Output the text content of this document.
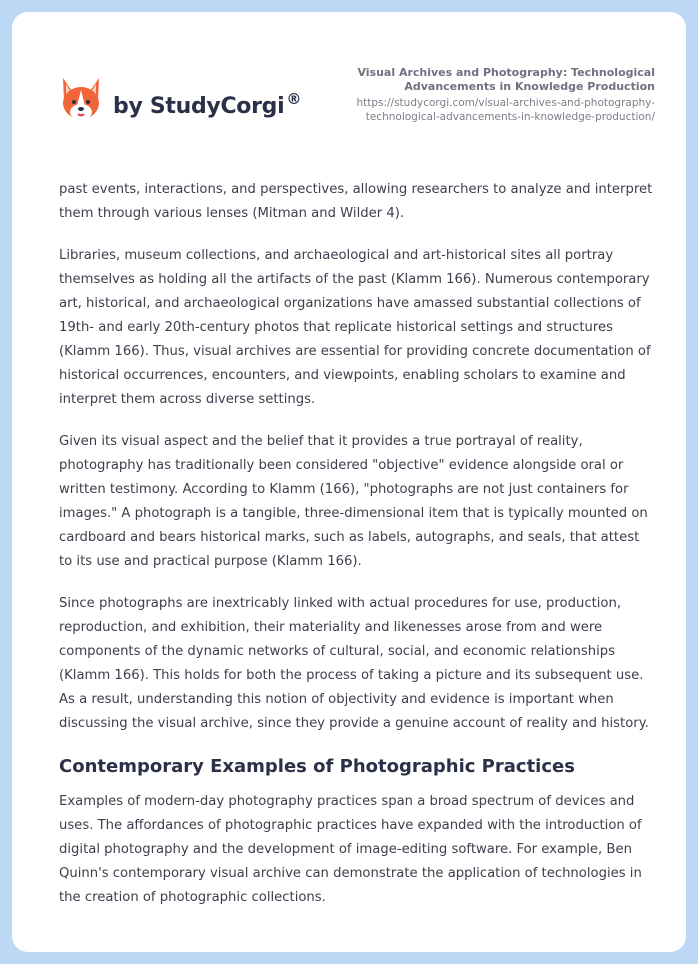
by StudyCorgi ®
Visual Archives and Photography: Technological
Advancements in Knowledge Production
https://studycorgi.com/visual-archives-and-photography-
technological-advancements-in-knowledge-production/

past events, interactions, and perspectives, allowing researchers to analyze and interpret them through various lenses (Mitman and Wilder 4).

Libraries, museum collections, and archaeological and art-historical sites all portray themselves as holding all the artifacts of the past (Klamm 166). Numerous contemporary art, historical, and archaeological organizations have amassed substantial collections of 19th- and early 20th-century photos that replicate historical settings and structures (Klamm 166). Thus, visual archives are essential for providing concrete documentation of historical occurrences, encounters, and viewpoints, enabling scholars to examine and interpret them across diverse settings.

Given its visual aspect and the belief that it provides a true portrayal of reality, photography has traditionally been considered "objective" evidence alongside oral or written testimony. According to Klamm (166), "photographs are not just containers for images." A photograph is a tangible, three-dimensional item that is typically mounted on cardboard and bears historical marks, such as labels, autographs, and seals, that attest to its use and practical purpose (Klamm 166).

Since photographs are inextricably linked with actual procedures for use, production, reproduction, and exhibition, their materiality and likenesses arose from and were components of the dynamic networks of cultural, social, and economic relationships (Klamm 166). This holds for both the process of taking a picture and its subsequent use. As a result, understanding this notion of objectivity and evidence is important when discussing the visual archive, since they provide a genuine account of reality and history.

Contemporary Examples of Photographic Practices

Examples of modern-day photography practices span a broad spectrum of devices and uses. The affordances of photographic practices have expanded with the introduction of digital photography and the development of image-editing software. For example, Ben Quinn's contemporary visual archive can demonstrate the application of technologies in the creation of photographic collections.
